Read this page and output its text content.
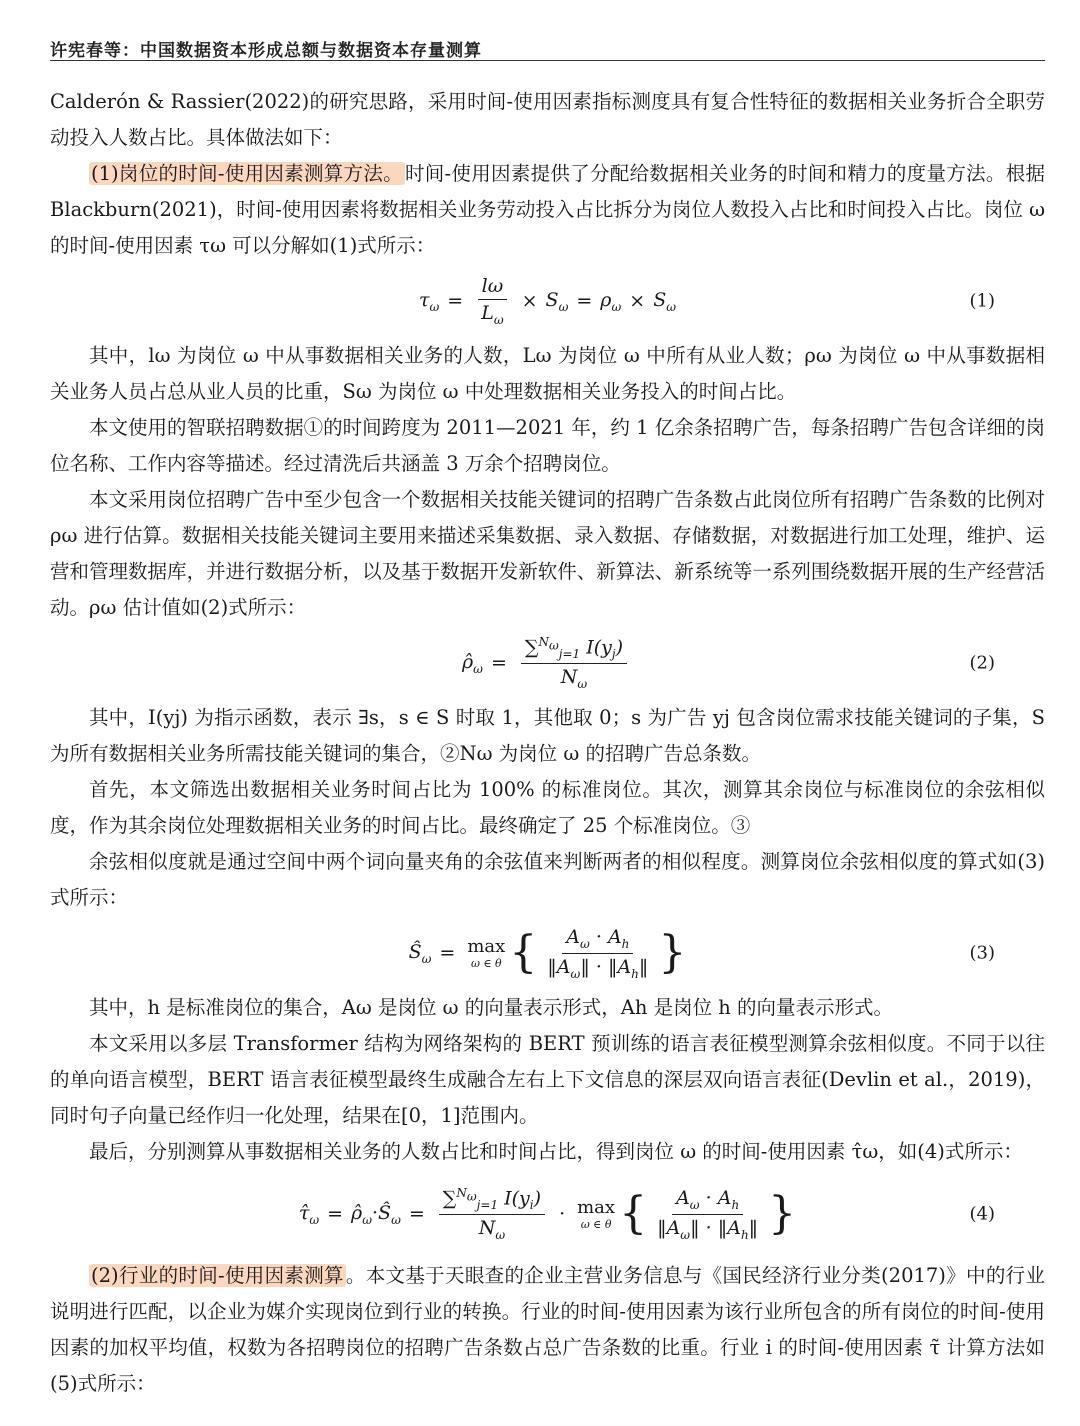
许宪春等：中国数据资本形成总额与数据资本存量测算

Calderón & Rassier(2022)的研究思路，采用时间-使用因素指标测度具有复合性特征的数据相关业务折合全职劳动投入人数占比。具体做法如下：

(1)岗位的时间-使用因素测算方法。 时间-使用因素提供了分配给数据相关业务的时间和精力的度量方法。根据 Blackburn(2021)，时间-使用因素将数据相关业务劳动投入占比拆分为岗位人数投入占比和时间投入占比。岗位 ω 的时间-使用因素 τω 可以分解如(1)式所示：

$\tau_\omega = \frac{l\omega}{L_\omega} \times S_\omega = \rho_\omega \times S_\omega$	(1)

其中，lω 为岗位 ω 中从事数据相关业务的人数，Lω 为岗位 ω 中所有从业人数；ρω 为岗位 ω 中从事数据相关业务人员占总从业人员的比重，Sω 为岗位 ω 中处理数据相关业务投入的时间占比。

本文使用的智联招聘数据①的时间跨度为 2011—2021 年，约 1 亿余条招聘广告，每条招聘广告包含详细的岗位名称、工作内容等描述。经过清洗后共涵盖 3 万余个招聘岗位。

本文采用岗位招聘广告中至少包含一个数据相关技能关键词的招聘广告条数占此岗位所有招聘广告条数的比例对 ρω 进行估算。数据相关技能关键词主要用来描述采集数据、录入数据、存储数据，对数据进行加工处理，维护、运营和管理数据库，并进行数据分析，以及基于数据开发新软件、新算法、新系统等一系列围绕数据开展的生产经营活动。ρω 估计值如(2)式所示：

$\rhô_\omega = \frac{\sum^{N_\omega}_{j=1} I(y_j)}{N_\omega}$	(2)

其中，I(yj) 为指示函数，表示 ∃s，s ∈ S 时取 1，其他取 0；s 为广告 yj 包含岗位需求技能关键词的子集，S 为所有数据相关业务所需技能关键词的集合，②Nω 为岗位 ω 的招聘广告总条数。

首先，本文筛选出数据相关业务时间占比为 100% 的标准岗位。其次，测算其余岗位与标准岗位的余弦相似度，作为其余岗位处理数据相关业务的时间占比。最终确定了 25 个标准岗位。③

余弦相似度就是通过空间中两个词向量夹角的余弦值来判断两者的相似程度。测算岗位余弦相似度的算式如(3)式所示：

$Ŝ_\omega = \max$
ω ∈ θ { $\frac{A_\omega \cdot A_h}{‖A_\omega‖ \cdot ‖A_h‖}$ }	(3)

其中，h 是标准岗位的集合，Aω 是岗位 ω 的向量表示形式，Ah 是岗位 h 的向量表示形式。

本文采用以多层 Transformer 结构为网络架构的 BERT 预训练的语言表征模型测算余弦相似度。不同于以往的单向语言模型，BERT 语言表征模型最终生成融合左右上下文信息的深层双向语言表征(Devlin et al.，2019)，同时句子向量已经作归一化处理，结果在[0，1]范围内。

最后，分别测算从事数据相关业务的人数占比和时间占比，得到岗位 ω 的时间-使用因素 τ̂ω，如(4)式所示：

$\taû_\omega$ = $\rhô_\omega\cdot Ŝ_\omega = \frac{\sum^{N_\omega}_{j=1} I(y_i)}{N_\omega} \cdot \max$
ω ∈ θ { $\frac{A_\omega \cdot A_h}{‖A_\omega‖ \cdot ‖A_h‖}$ }	(4)

(2)行业的时间-使用因素测算 。本文基于天眼查的企业主营业务信息与《国民经济行业分类(2017)》中的行业说明进行匹配，以企业为媒介实现岗位到行业的转换。行业的时间-使用因素为该行业所包含的所有岗位的时间-使用因素的加权平均值，权数为各招聘岗位的招聘广告条数占总广告条数的比重。行业 i 的时间-使用因素 τ̃ 计算方法如(5)式所示：
